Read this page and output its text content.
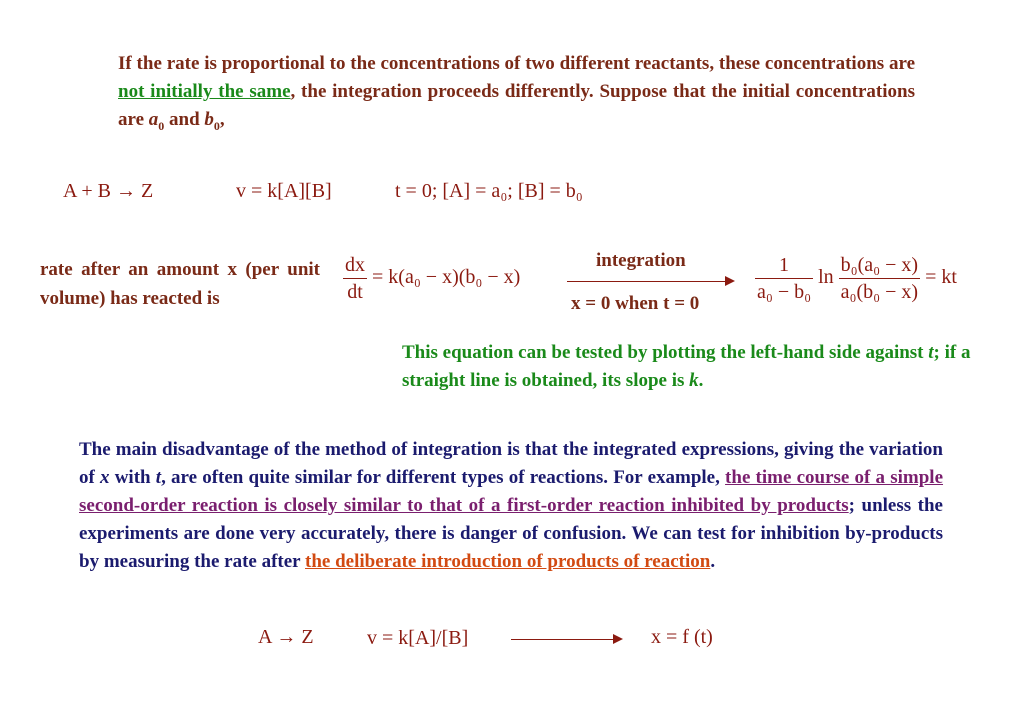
If the rate is proportional to the concentrations of two different reactants, these concentrations are not initially the same, the integration proceeds differently. Suppose that the initial concentrations are $a_0$ and $b_0$,
A + B → Z	v = k[A][B]	t = 0; [A] = a₀; [B] = b₀
rate after an amount x (per unit volume) has reacted is	$\frac{dx}{dt} = k(a_0 - x)(b_0 - x)$
integration
x = 0 when t = 0	$\frac{1}{\text{a₀ − b₀}}$ $\ln \frac{\text{b₀(a₀ − x)}}{\text{a₀(b₀ − x)}}$ = kt
This equation can be tested by plotting the left-hand side against t; if a straight line is obtained, its slope is k.
The main disadvantage of the method of integration is that the integrated expressions, giving the variation of x with t, are often quite similar for different types of reactions. For example, the time course of a simple second-order reaction is closely similar to that of a first-order reaction inhibited by products; unless the experiments are done very accurately, there is danger of confusion. We can test for inhibition by-products by measuring the rate after the deliberate introduction of products of reaction.
A → Z	v = k[A]/[B]	x = f (t)
